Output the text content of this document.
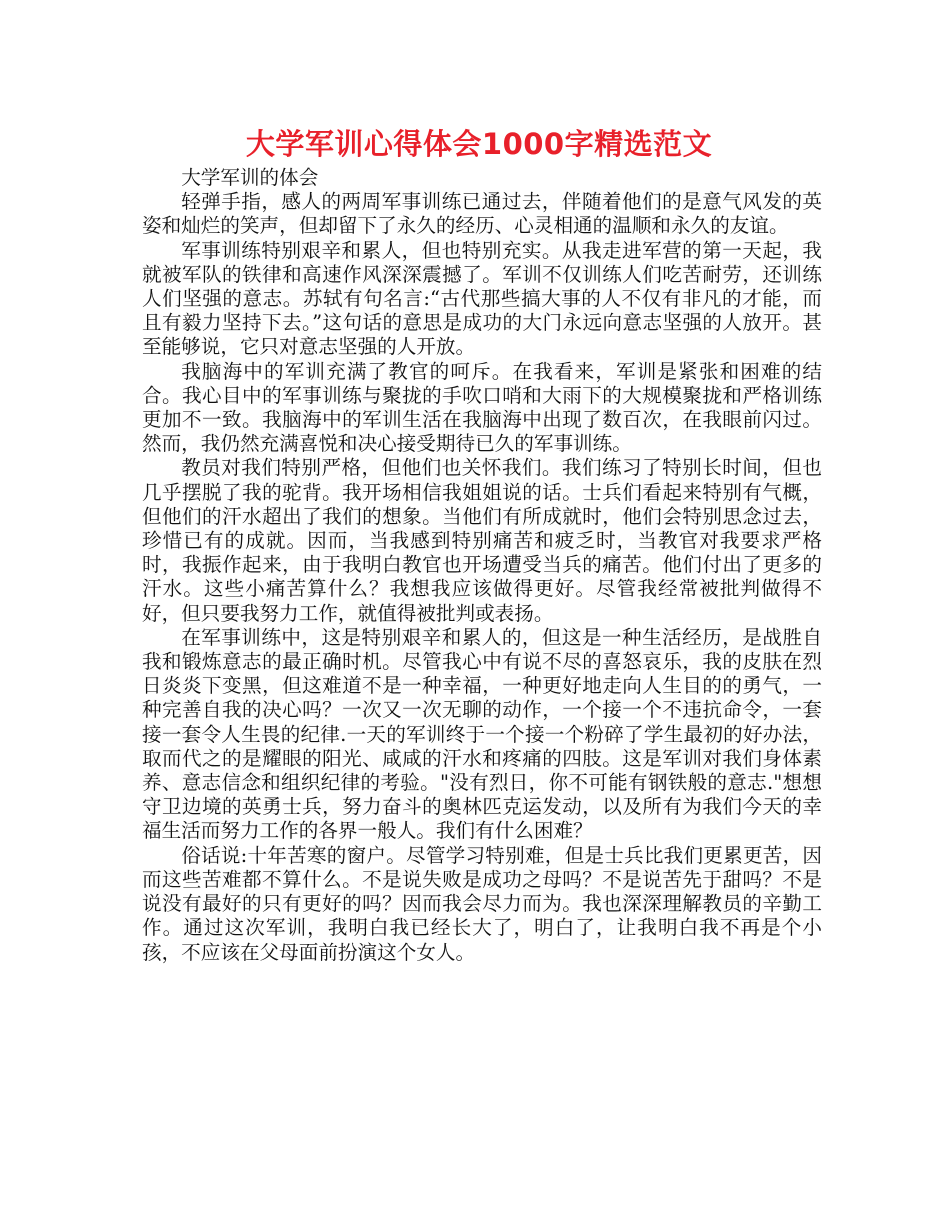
大学军训心得体会1000字精选范文

大学军训的体会

轻弹手指，感人的两周军事训练已通过去，伴随着他们的是意气风发的英姿和灿烂的笑声，但却留下了永久的经历、心灵相通的温顺和永久的友谊。

军事训练特别艰辛和累人，但也特别充实。从我走进军营的第一天起，我就被军队的铁律和高速作风深深震撼了。军训不仅训练人们吃苦耐劳，还训练人们坚强的意志。苏轼有句名言:“古代那些搞大事的人不仅有非凡的才能，而且有毅力坚持下去。”这句话的意思是成功的大门永远向意志坚强的人放开。甚至能够说，它只对意志坚强的人开放。

我脑海中的军训充满了教官的呵斥。在我看来，军训是紧张和困难的结合。我心目中的军事训练与聚拢的手吹口哨和大雨下的大规模聚拢和严格训练更加不一致。我脑海中的军训生活在我脑海中出现了数百次，在我眼前闪过。然而，我仍然充满喜悦和决心接受期待已久的军事训练。

教员对我们特别严格，但他们也关怀我们。我们练习了特别长时间，但也几乎摆脱了我的驼背。我开场相信我姐姐说的话。士兵们看起来特别有气概，但他们的汗水超出了我们的想象。当他们有所成就时，他们会特别思念过去，珍惜已有的成就。因而，当我感到特别痛苦和疲乏时，当教官对我要求严格时，我振作起来，由于我明白教官也开场遭受当兵的痛苦。他们付出了更多的汗水。这些小痛苦算什么？我想我应该做得更好。尽管我经常被批判做得不好，但只要我努力工作，就值得被批判或表扬。

在军事训练中，这是特别艰辛和累人的，但这是一种生活经历，是战胜自我和锻炼意志的最正确时机。尽管我心中有说不尽的喜怒哀乐，我的皮肤在烈日炎炎下变黑，但这难道不是一种幸福，一种更好地走向人生目的的勇气，一种完善自我的决心吗？一次又一次无聊的动作，一个接一个不违抗命令，一套接一套令人生畏的纪律.一天的军训终于一个接一个粉碎了学生最初的好办法，取而代之的是耀眼的阳光、咸咸的汗水和疼痛的四肢。这是军训对我们身体素养、意志信念和组织纪律的考验。"没有烈日，你不可能有钢铁般的意志."想想守卫边境的英勇士兵，努力奋斗的奥林匹克运发动，以及所有为我们今天的幸福生活而努力工作的各界一般人。我们有什么困难？

俗话说:十年苦寒的窗户。尽管学习特别难，但是士兵比我们更累更苦，因而这些苦难都不算什么。不是说失败是成功之母吗？不是说苦先于甜吗？不是说没有最好的只有更好的吗？因而我会尽力而为。我也深深理解教员的辛勤工作。通过这次军训，我明白我已经长大了，明白了，让我明白我不再是个小孩，不应该在父母面前扮演这个女人。
